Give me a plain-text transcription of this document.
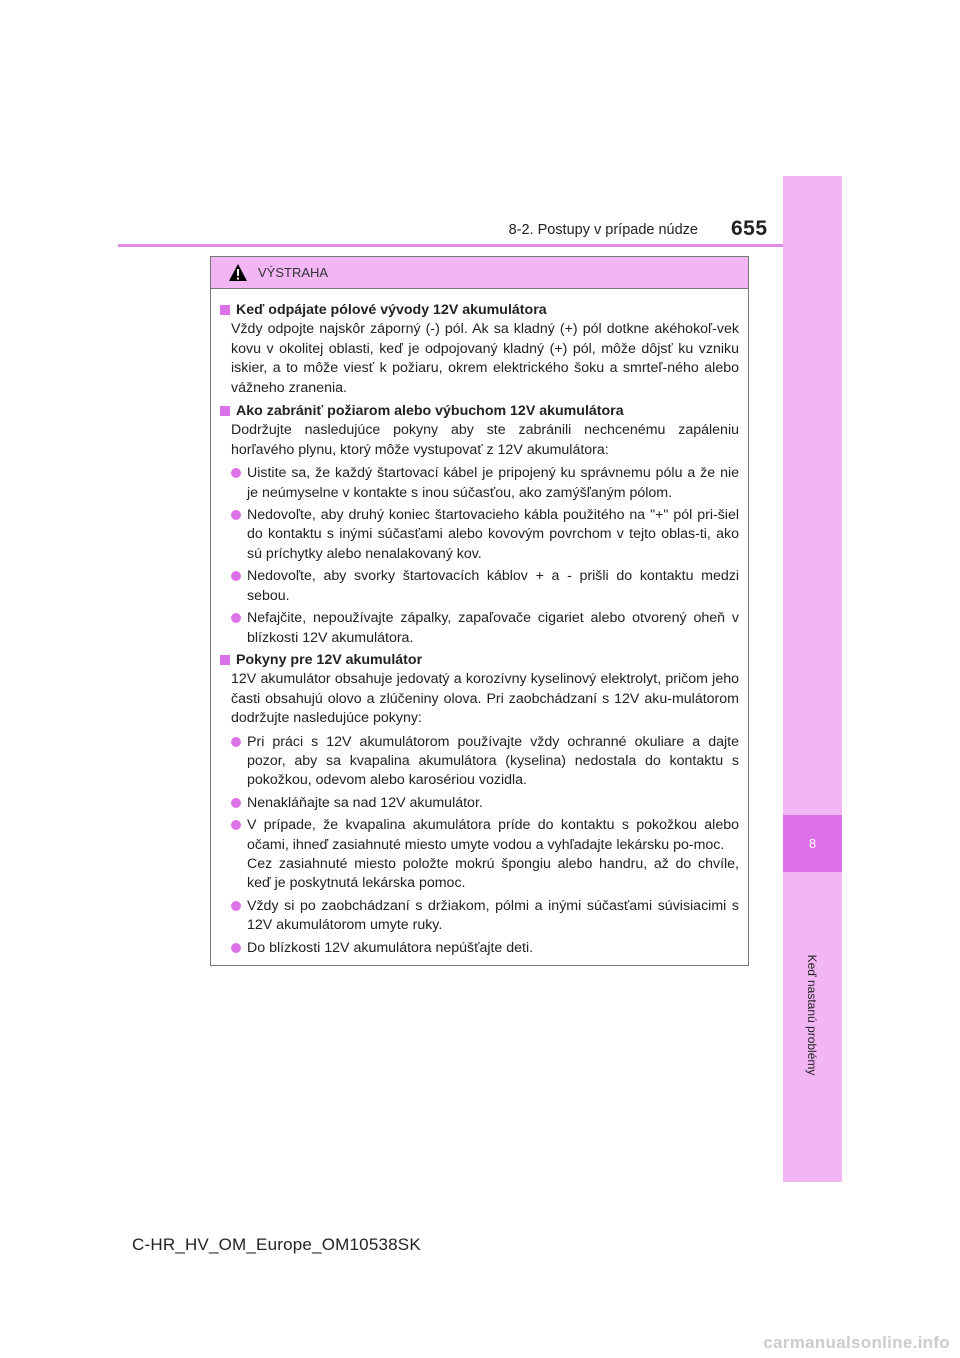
8
Keď nastanú problémy
655
8-2. Postupy v prípade núdze
VÝSTRAHA
Keď odpájate pólové vývody 12V akumulátora
Vždy odpojte najskôr záporný (-) pól. Ak sa kladný (+) pól dotkne akéhokoľ-vek kovu v okolitej oblasti, keď je odpojovaný kladný (+) pól, môže dôjsť ku vzniku iskier, a to môže viesť k požiaru, okrem elektrického šoku a smrteľ-ného alebo vážneho zranenia.
Ako zabrániť požiarom alebo výbuchom 12V akumulátora
Dodržujte nasledujúce pokyny aby ste zabránili nechcenému zapáleniu horľavého plynu, ktorý môže vystupovať z 12V akumulátora:
Uistite sa, že každý štartovací kábel je pripojený ku správnemu pólu a že nie je neúmyselne v kontakte s inou súčasťou, ako zamýšľaným pólom.
Nedovoľte, aby druhý koniec štartovacieho kábla použitého na "+" pól pri-šiel do kontaktu s inými súčasťami alebo kovovým povrchom v tejto oblas-ti, ako sú príchytky alebo nenalakovaný kov.
Nedovoľte, aby svorky štartovacích káblov + a - prišli do kontaktu medzi sebou.
Nefajčite, nepoužívajte zápalky, zapaľovače cigariet alebo otvorený oheň v blízkosti 12V akumulátora.
Pokyny pre 12V akumulátor
12V akumulátor obsahuje jedovatý a korozívny kyselinový elektrolyt, pričom jeho časti obsahujú olovo a zlúčeniny olova. Pri zaobchádzaní s 12V aku-mulátorom dodržujte nasledujúce pokyny:
Pri práci s 12V akumulátorom používajte vždy ochranné okuliare a dajte pozor, aby sa kvapalina akumulátora (kyselina) nedostala do kontaktu s pokožkou, odevom alebo karosériou vozidla.
Nenakláňajte sa nad 12V akumulátor.
V prípade, že kvapalina akumulátora príde do kontaktu s pokožkou alebo očami, ihneď zasiahnuté miesto umyte vodou a vyhľadajte lekársku po-moc.
Cez zasiahnuté miesto položte mokrú špongiu alebo handru, až do chvíle, keď je poskytnutá lekárska pomoc.
Vždy si po zaobchádzaní s držiakom, pólmi a inými súčasťami súvisiacimi s 12V akumulátorom umyte ruky.
Do blízkosti 12V akumulátora nepúšťajte deti.
C-HR_HV_OM_Europe_OM10538SK
carmanualsonline.info
